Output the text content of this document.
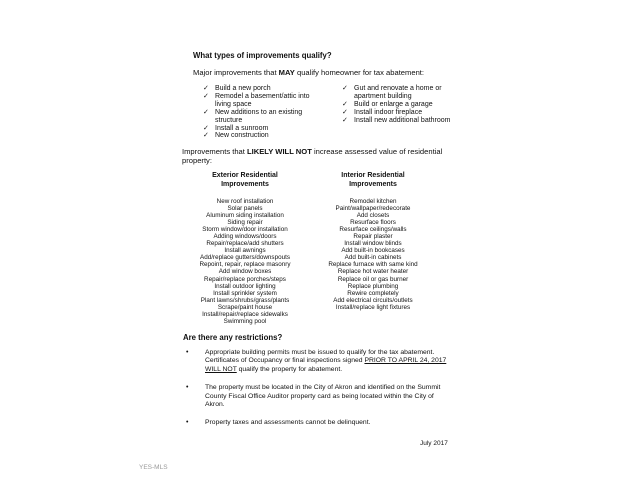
What types of improvements qualify?
Major improvements that MAY qualify homeowner for tax abatement:
✓ Build a new porch
✓ Remodel a basement/attic into living space
✓ New additions to an existing structure
✓ Install a sunroom
✓ New construction
✓ Gut and renovate a home or apartment building
✓ Build or enlarge a garage
✓ Install indoor fireplace
✓ Install new additional bathroom
Improvements that LIKELY WILL NOT increase assessed value of residential
property:
Exterior Residential
Improvements
New roof installation
Solar panels
Aluminum siding installation
Siding repair
Storm window/door installation
Adding windows/doors
Repair/replace/add shutters
Install awnings
Add/replace gutters/downspouts
Repoint, repair, replace masonry
Add window boxes
Repair/replace porches/steps
Install outdoor lighting
Install sprinkler system
Plant lawns/shrubs/grass/plants
Scrape/paint house
Install/repair/replace sidewalks
Swimming pool
Interior Residential
Improvements
Remodel kitchen
Paint/wallpaper/redecorate
Add closets
Resurface floors
Resurface ceilings/walls
Repair plaster
Install window blinds
Add built-in bookcases
Add built-in cabinets
Replace furnace with same kind
Replace hot water heater
Replace oil or gas burner
Replace plumbing
Rewire completely
Add electrical circuits/outlets
Install/replace light fixtures
Are there any restrictions?
• Appropriate building permits must be issued to qualify for the tax abatement.
Certificates of Occupancy or final inspections signed PRIOR TO APRIL 24, 2017
WILL NOT qualify the property for abatement.
• The property must be located in the City of Akron and identified on the Summit
County Fiscal Office Auditor property card as being located within the City of
Akron.
• Property taxes and assessments cannot be delinquent.
July 2017
YES-MLS
